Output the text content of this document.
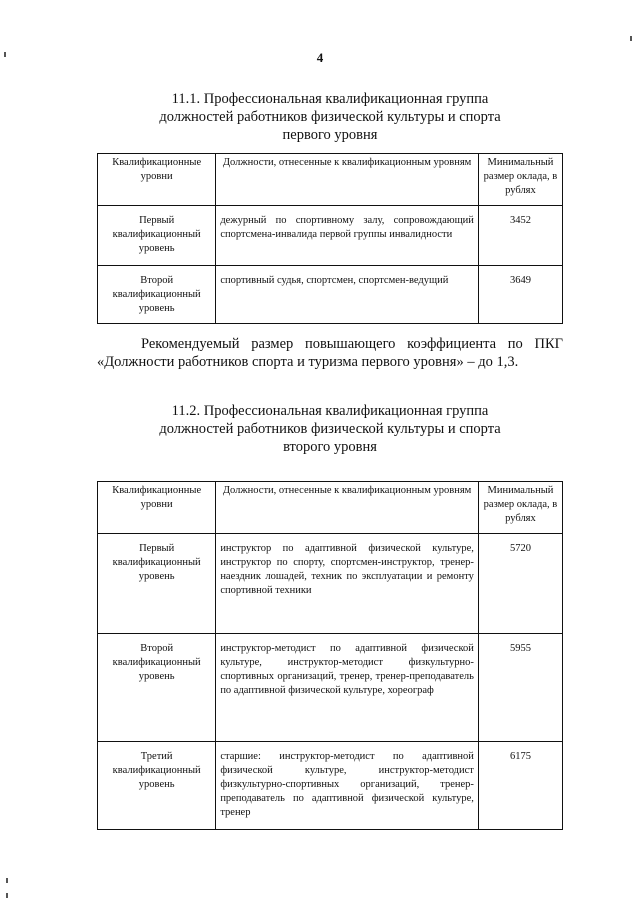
4
11.1. Профессиональная квалификационная группа
должностей работников физической культуры и спорта
первого уровня
Квалификационные уровни	Должности, отнесенные к квалификационным уровням	Минимальный размер оклада, в рублях
Первый квалификационный уровень	дежурный по спортивному залу, сопровождающий спортсмена-инвалида первой группы инвалидности	3452
Второй квалификационный уровень	спортивный судья, спортсмен, спортсмен-ведущий	3649
Рекомендуемый размер повышающего коэффициента по ПКГ «Должности работников спорта и туризма первого уровня» – до 1,3.
11.2. Профессиональная квалификационная группа
должностей работников физической культуры и спорта
второго уровня
Квалификационные уровни	Должности, отнесенные к квалификационным уровням	Минимальный размер оклада, в рублях
Первый квалификационный уровень	инструктор по адаптивной физической культуре, инструктор по спорту, спортсмен-инструктор, тренер-наездник лошадей, техник по эксплуатации и ремонту спортивной техники	5720
Второй квалификационный уровень	инструктор-методист по адаптивной физической культуре, инструктор-методист физкультурно-спортивных организаций, тренер, тренер-преподаватель по адаптивной физической культуре, хореограф	5955
Третий квалификационный уровень	старшие: инструктор-методист по адаптивной физической культуре, инструктор-методист физкультурно-спортивных организаций, тренер-преподаватель по адаптивной физической культуре, тренер	6175
